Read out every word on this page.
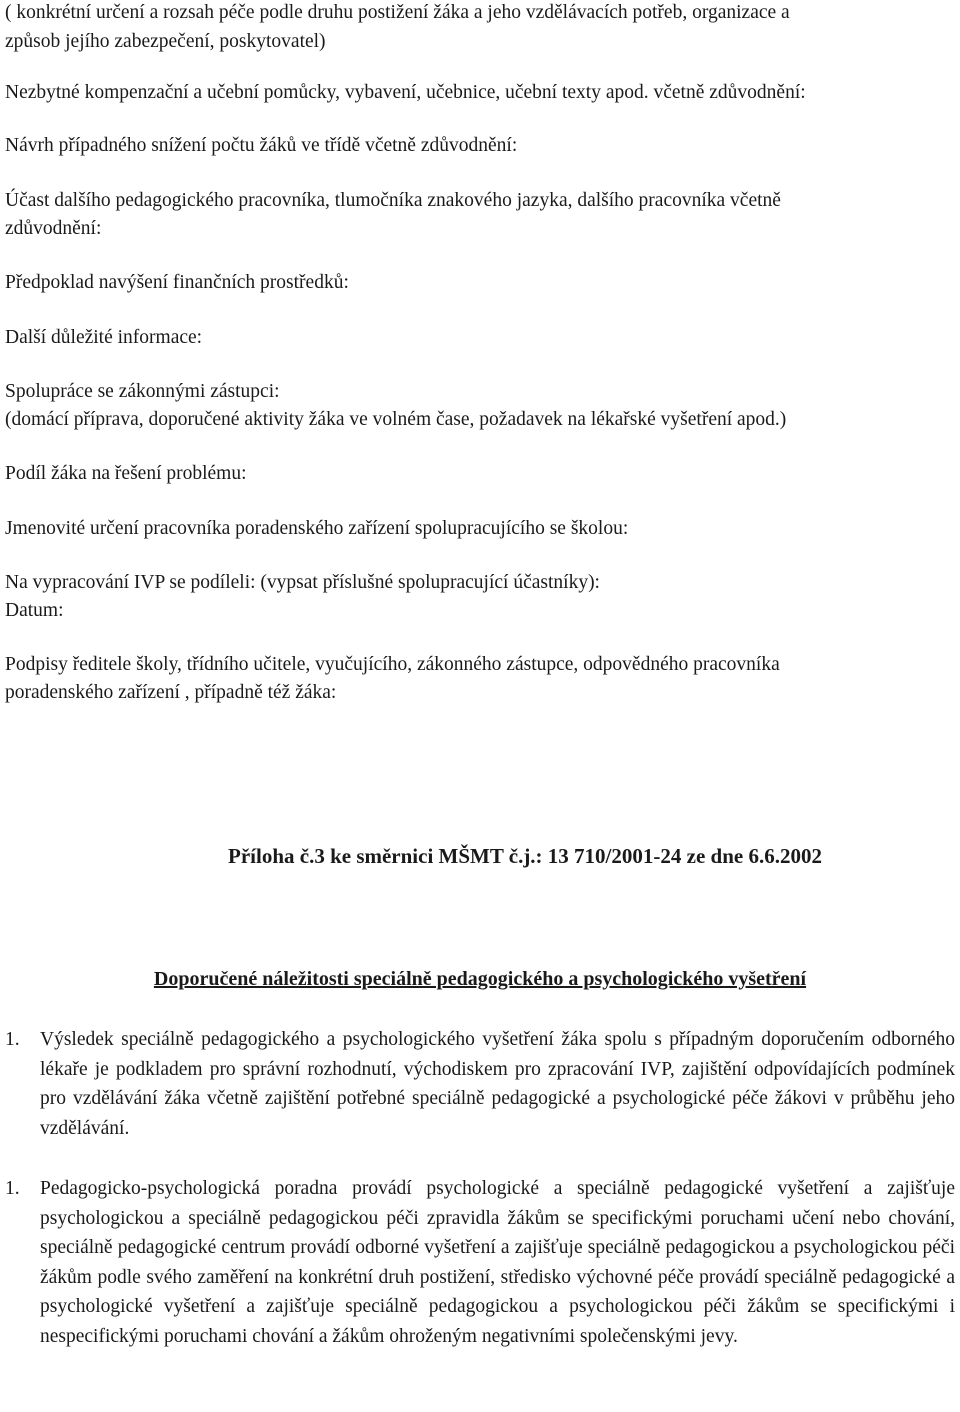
( konkrétní určení a rozsah péče podle druhu postižení žáka a jeho vzdělávacích potřeb, organizace a
způsob jejího zabezpečení, poskytovatel)
Nezbytné kompenzační a učební pomůcky, vybavení, učebnice, učební texty apod. včetně zdůvodnění:
Návrh případného snížení počtu žáků ve třídě včetně zdůvodnění:
Účast dalšího pedagogického pracovníka, tlumočníka znakového jazyka, dalšího pracovníka včetně
zdůvodnění:
Předpoklad navýšení finančních prostředků:
Další důležité informace:
Spolupráce se zákonnými zástupci:
(domácí příprava, doporučené aktivity žáka ve volném čase, požadavek na lékařské vyšetření apod.)
Podíl žáka na řešení problému:
Jmenovité určení pracovníka poradenského zařízení spolupracujícího se školou:
Na vypracování IVP se podíleli: (vypsat příslušné spolupracující účastníky):
Datum:
Podpisy ředitele školy, třídního učitele, vyučujícího, zákonného zástupce, odpovědného pracovníka
poradenského zařízení , případně též žáka:
Příloha č.3 ke směrnici MŠMT č.j.: 13 710/2001-24 ze dne 6.6.2002
Doporučené náležitosti speciálně pedagogického a psychologického vyšetření
1.	Výsledek speciálně pedagogického a psychologického vyšetření žáka spolu s případným doporučením odborného lékaře je podkladem pro správní rozhodnutí, východiskem pro zpracování IVP, zajištění odpovídajících podmínek pro vzdělávání žáka včetně zajištění potřebné speciálně pedagogické a psychologické péče žákovi v průběhu jeho vzdělávání.
1.	Pedagogicko-psychologická poradna provádí psychologické a speciálně pedagogické vyšetření a zajišťuje psychologickou a speciálně pedagogickou péči zpravidla žákům se specifickými poruchami učení nebo chování, speciálně pedagogické centrum provádí odborné vyšetření a zajišťuje speciálně pedagogickou a psychologickou péči žákům podle svého zaměření na konkrétní druh postižení, středisko výchovné péče provádí speciálně pedagogické a psychologické vyšetření a zajišťuje speciálně pedagogickou a psychologickou péči žákům se specifickými i nespecifickými poruchami chování a žákům ohroženým negativními společenskými jevy.
